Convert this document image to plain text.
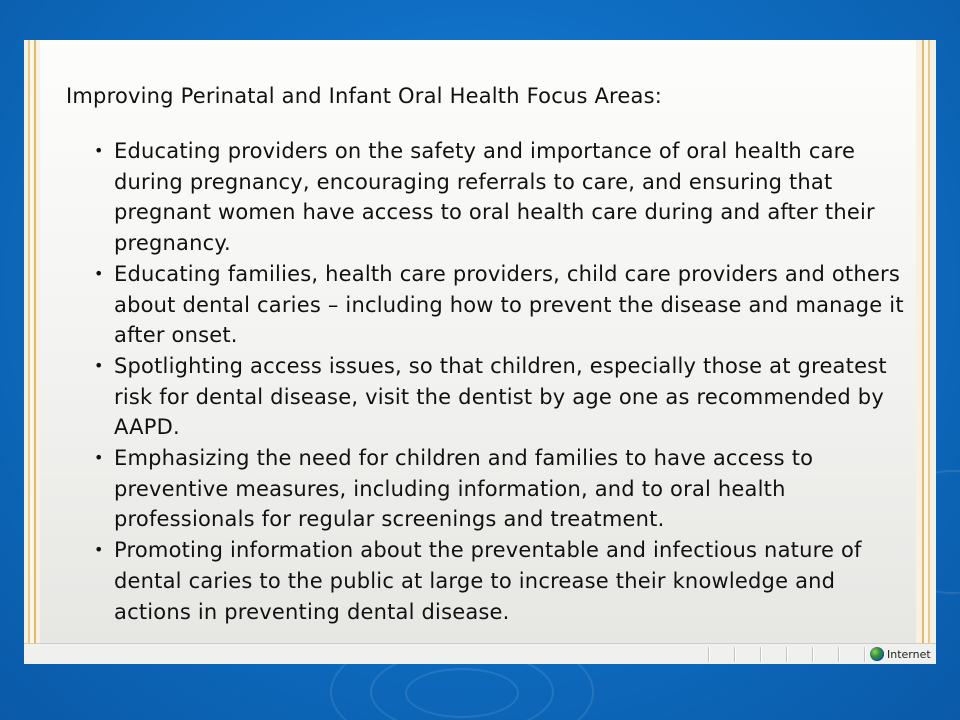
Improving Perinatal and Infant Oral Health Focus Areas:
• Educating providers on the safety and importance of oral health care during pregnancy, encouraging referrals to care, and ensuring that pregnant women have access to oral health care during and after their pregnancy.
• Educating families, health care providers, child care providers and others about dental caries – including how to prevent the disease and manage it after onset.
• Spotlighting access issues, so that children, especially those at greatest risk for dental disease, visit the dentist by age one as recommended by AAPD.
• Emphasizing the need for children and families to have access to preventive measures, including information, and to oral health professionals for regular screenings and treatment.
• Promoting information about the preventable and infectious nature of dental caries to the public at large to increase their knowledge and actions in preventing dental disease.
Internet
